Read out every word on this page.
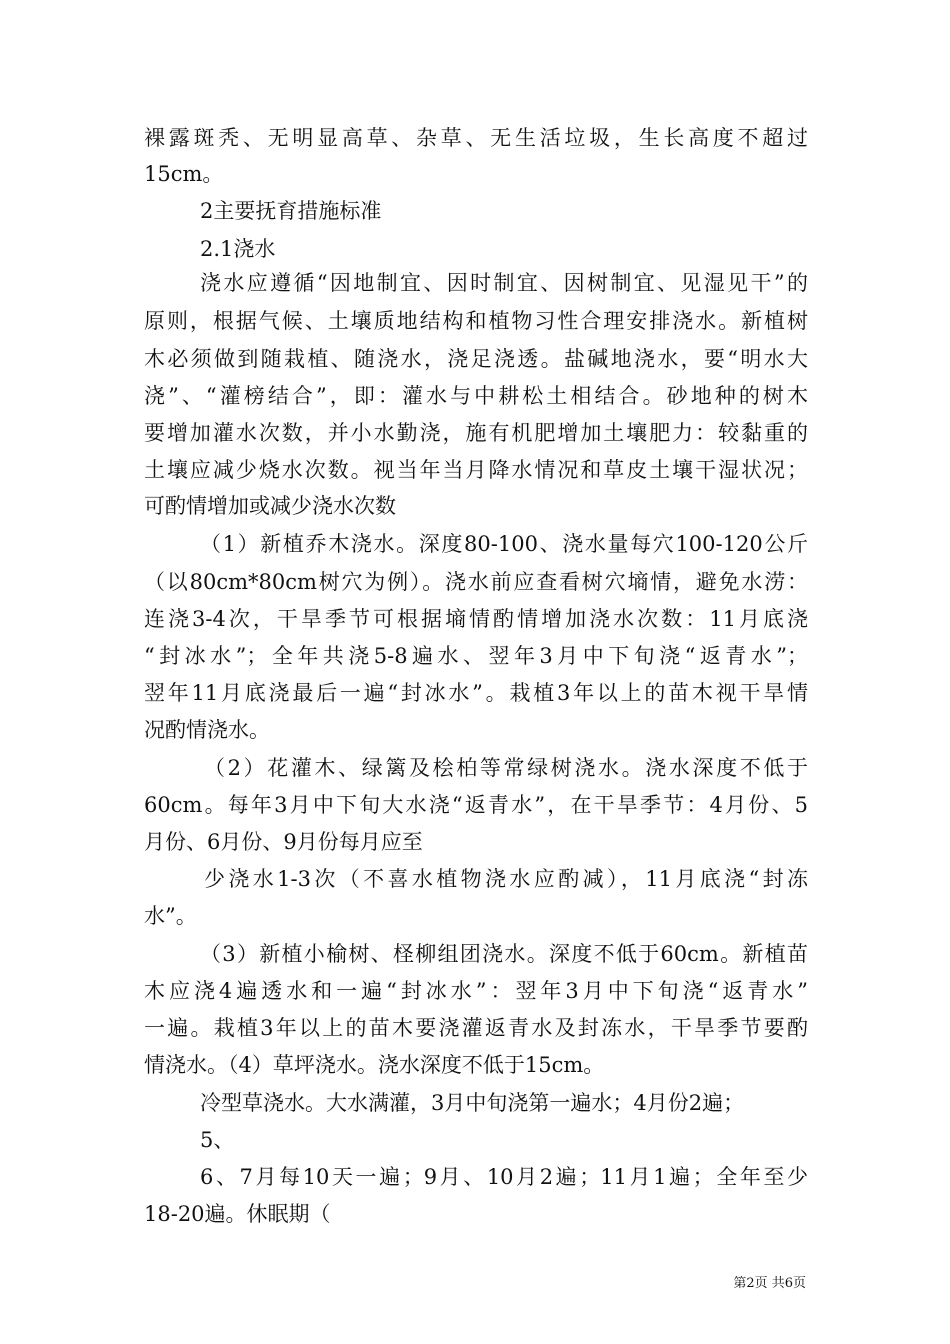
裸露斑秃、无明显高草、杂草、无生活垃圾，生长高度不超过
15cm。
2主要抚育措施标准
2.1浇水
浇水应遵循“因地制宜、因时制宜、因树制宜、见湿见干”的
原则，根据气候、土壤质地结构和植物习性合理安排浇水。新植树
木必须做到随栽植、随浇水，浇足浇透。盐碱地浇水，要“明水大
浇”、“灌榜结合”，即：灌水与中耕松土相结合。砂地种的树木
要增加灌水次数，并小水勤浇，施有机肥增加土壤肥力：较黏重的
土壤应减少烧水次数。视当年当月降水情况和草皮土壤干湿状况；
可酌情增加或减少浇水次数
（1）新植乔木浇水。深度80-100、浇水量每穴100-120公斤
（以80cm*80cm树穴为例）。浇水前应查看树穴墒情，避免水涝：
连浇3-4次，干旱季节可根据墒情酌情增加浇水次数：11月底浇
“封冰水”；全年共浇5-8遍水、翌年3月中下旬浇“返青水”；
翌年11月底浇最后一遍“封冰水”。栽植3年以上的苗木视干旱情
况酌情浇水。
（2）花灌木、绿篱及桧柏等常绿树浇水。浇水深度不低于
60cm。每年3月中下旬大水浇“返青水”，在干旱季节：4月份、5
月份、6月份、9月份每月应至
少浇水1-3次（不喜水植物浇水应酌减），11月底浇“封冻
水”。
（3）新植小榆树、柽柳组团浇水。深度不低于60cm。新植苗
木应浇4遍透水和一遍“封冰水”：翌年3月中下旬浇“返青水”
一遍。栽植3年以上的苗木要浇灌返青水及封冻水，干旱季节要酌
情浇水。（4）草坪浇水。浇水深度不低于15cm。
冷型草浇水。大水满灌，3月中旬浇第一遍水；4月份2遍；
5、
6、7月每10天一遍；9月、10月2遍；11月1遍；全年至少
18-20遍。休眠期（
第2页 共6页
